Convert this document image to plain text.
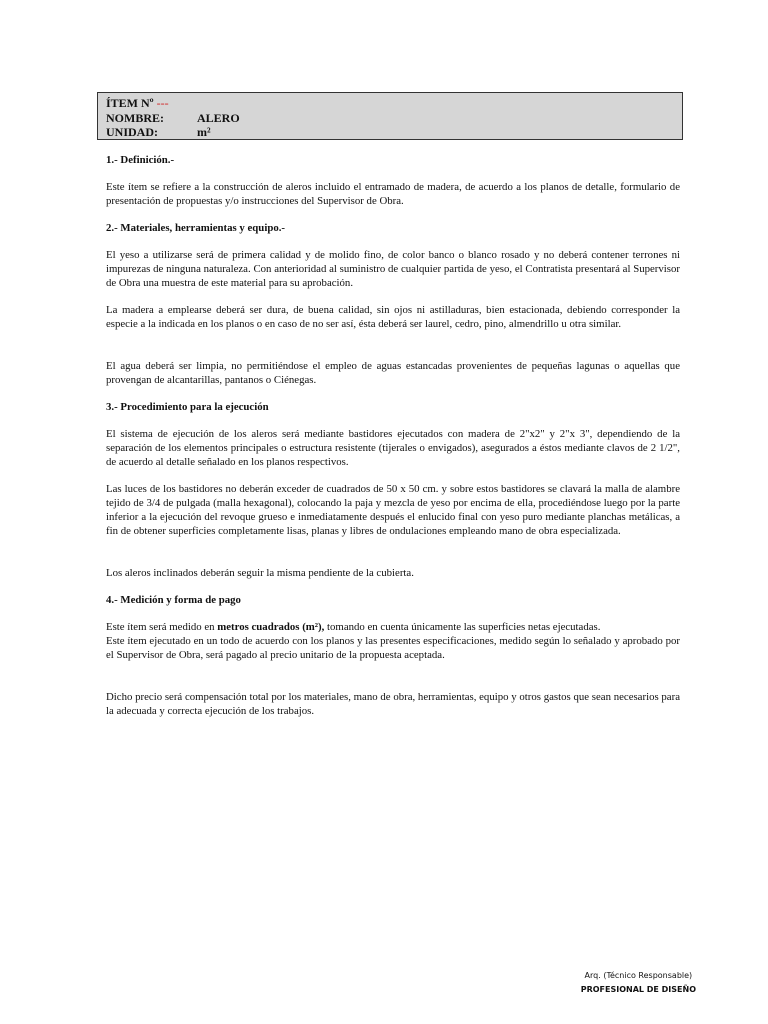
ÍTEM Nº
---
NOMBRE:	ALERO
UNIDAD:	m²

1.- Definición.-

Este ítem se refiere a la construcción de aleros incluido el entramado de madera, de acuerdo a los planos de detalle, formulario de presentación de propuestas y/o instrucciones del Supervisor de Obra.

2.- Materiales, herramientas y equipo.-

El yeso a utilizarse será de primera calidad y de molido fino, de color banco o blanco rosado y no deberá contener terrones ni impurezas de ninguna naturaleza. Con anterioridad al suministro de cualquier partida de yeso, el Contratista presentará al Supervisor de Obra una muestra de este material para su aprobación.

La madera a emplearse deberá ser dura, de buena calidad, sin ojos ni astilladuras, bien estacionada, debiendo corresponder la especie a la indicada en los planos o en caso de no ser así, ésta deberá ser laurel, cedro, pino, almendrillo u otra similar.

El agua deberá ser limpia, no permitiéndose el empleo de aguas estancadas provenientes de pequeñas lagunas o aquellas que provengan de alcantarillas, pantanos o Ciénegas.

3.- Procedimiento para la ejecución

El sistema de ejecución de los aleros será mediante bastidores ejecutados con madera de 2"x2" y 2"x 3", dependiendo de la separación de los elementos principales o estructura resistente (tijerales o envigados), asegurados a éstos mediante clavos de 2 1/2", de acuerdo al detalle señalado en los planos respectivos.

Las luces de los bastidores no deberán exceder de cuadrados de 50 x 50 cm. y sobre estos bastidores se clavará la malla de alambre tejido de 3/4 de pulgada (malla hexagonal), colocando la paja y mezcla de yeso por encima de ella, procediéndose luego por la parte inferior a la ejecución del revoque grueso e inmediatamente después el enlucido final con yeso puro mediante planchas metálicas, a fin de obtener superficies completamente lisas, planas y libres de ondulaciones empleando mano de obra especializada.

Los aleros inclinados deberán seguir la misma pendiente de la cubierta.

4.- Medición y forma de pago

Este ítem será medido en metros cuadrados (m²), tomando en cuenta únicamente las superficies netas ejecutadas.

Este ítem ejecutado en un todo de acuerdo con los planos y las presentes especificaciones, medido según lo señalado y aprobado por el Supervisor de Obra, será pagado al precio unitario de la propuesta aceptada.

Dicho precio será compensación total por los materiales, mano de obra, herramientas, equipo y otros gastos que sean necesarios para la adecuada y correcta ejecución de los trabajos.

Arq. (Técnico Responsable)
PROFESIONAL DE DISEÑO
